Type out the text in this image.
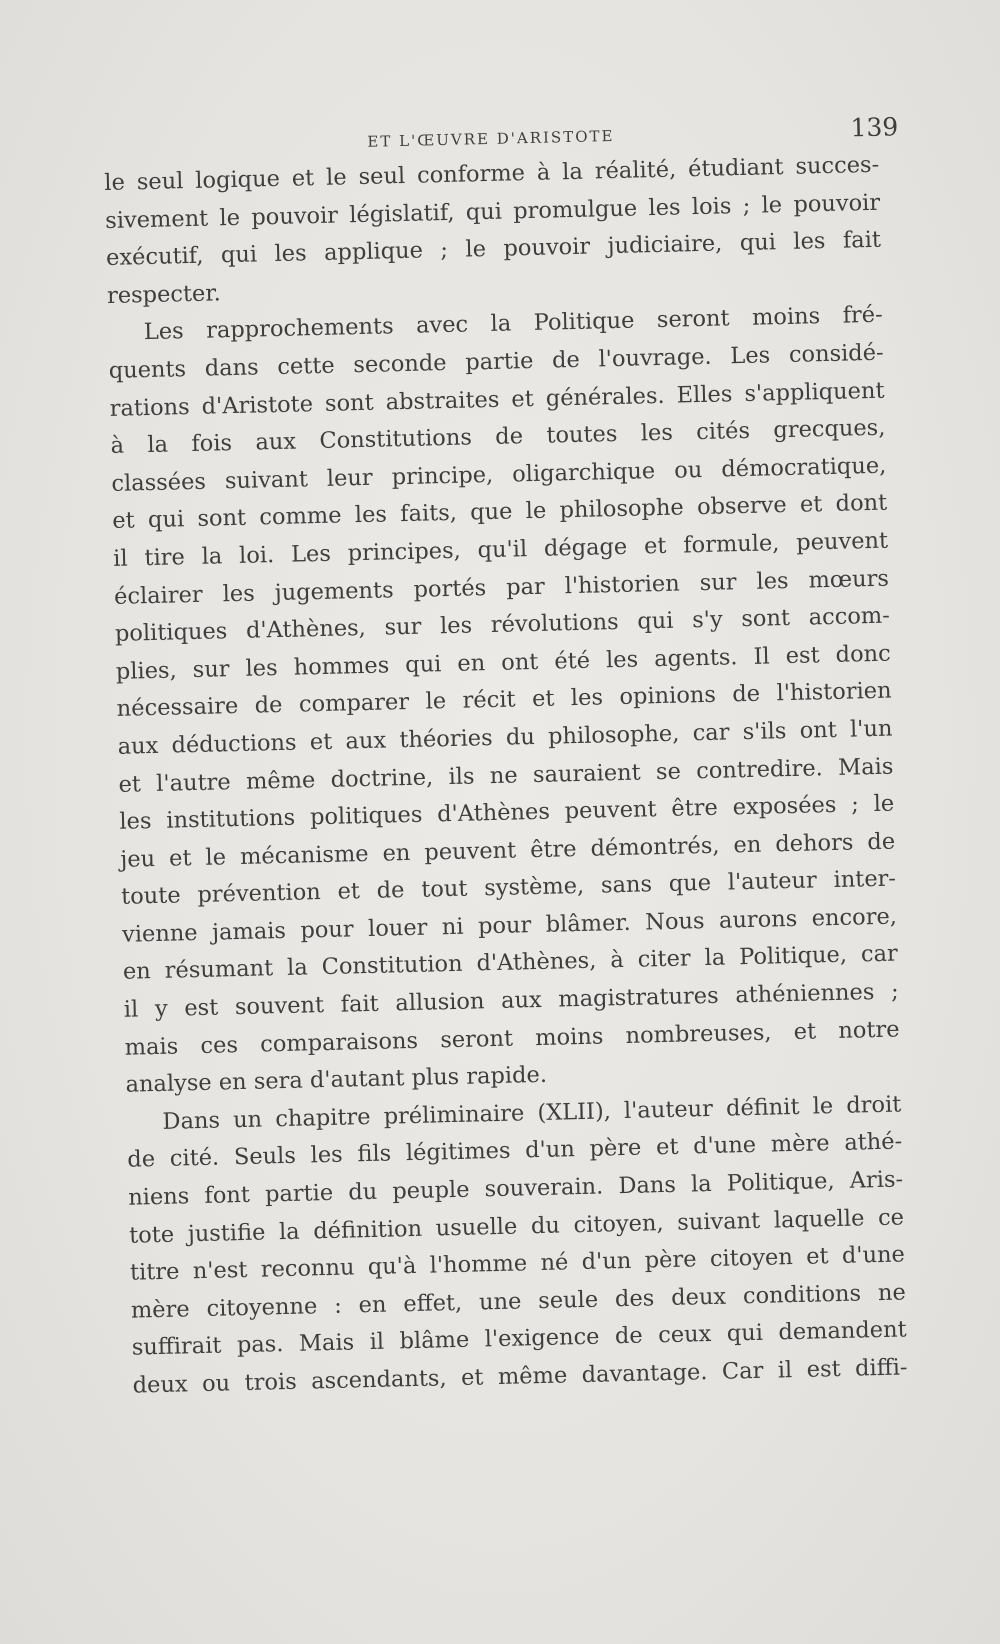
ET L'ŒUVRE D'ARISTOTE	139
le seul logique et le seul conforme à la réalité, étudiant succes-
sivement le pouvoir législatif, qui promulgue les lois ; le pouvoir
exécutif, qui les applique ; le pouvoir judiciaire, qui les fait
respecter.
Les rapprochements avec la Politique seront moins fré-
quents dans cette seconde partie de l'ouvrage. Les considé-
rations d'Aristote sont abstraites et générales. Elles s'appliquent
à la fois aux Constitutions de toutes les cités grecques,
classées suivant leur principe, oligarchique ou démocratique,
et qui sont comme les faits, que le philosophe observe et dont
il tire la loi. Les principes, qu'il dégage et formule, peuvent
éclairer les jugements portés par l'historien sur les mœurs
politiques d'Athènes, sur les révolutions qui s'y sont accom-
plies, sur les hommes qui en ont été les agents. Il est donc
nécessaire de comparer le récit et les opinions de l'historien
aux déductions et aux théories du philosophe, car s'ils ont l'un
et l'autre même doctrine, ils ne sauraient se contredire. Mais
les institutions politiques d'Athènes peuvent être exposées ; le
jeu et le mécanisme en peuvent être démontrés, en dehors de
toute prévention et de tout système, sans que l'auteur inter-
vienne jamais pour louer ni pour blâmer. Nous aurons encore,
en résumant la Constitution d'Athènes, à citer la Politique, car
il y est souvent fait allusion aux magistratures athéniennes ;
mais ces comparaisons seront moins nombreuses, et notre
analyse en sera d'autant plus rapide.
Dans un chapitre préliminaire (XLII), l'auteur définit le droit
de cité. Seuls les fils légitimes d'un père et d'une mère athé-
niens font partie du peuple souverain. Dans la Politique, Aris-
tote justifie la définition usuelle du citoyen, suivant laquelle ce
titre n'est reconnu qu'à l'homme né d'un père citoyen et d'une
mère citoyenne : en effet, une seule des deux conditions ne
suffirait pas. Mais il blâme l'exigence de ceux qui demandent
deux ou trois ascendants, et même davantage. Car il est diffi-
